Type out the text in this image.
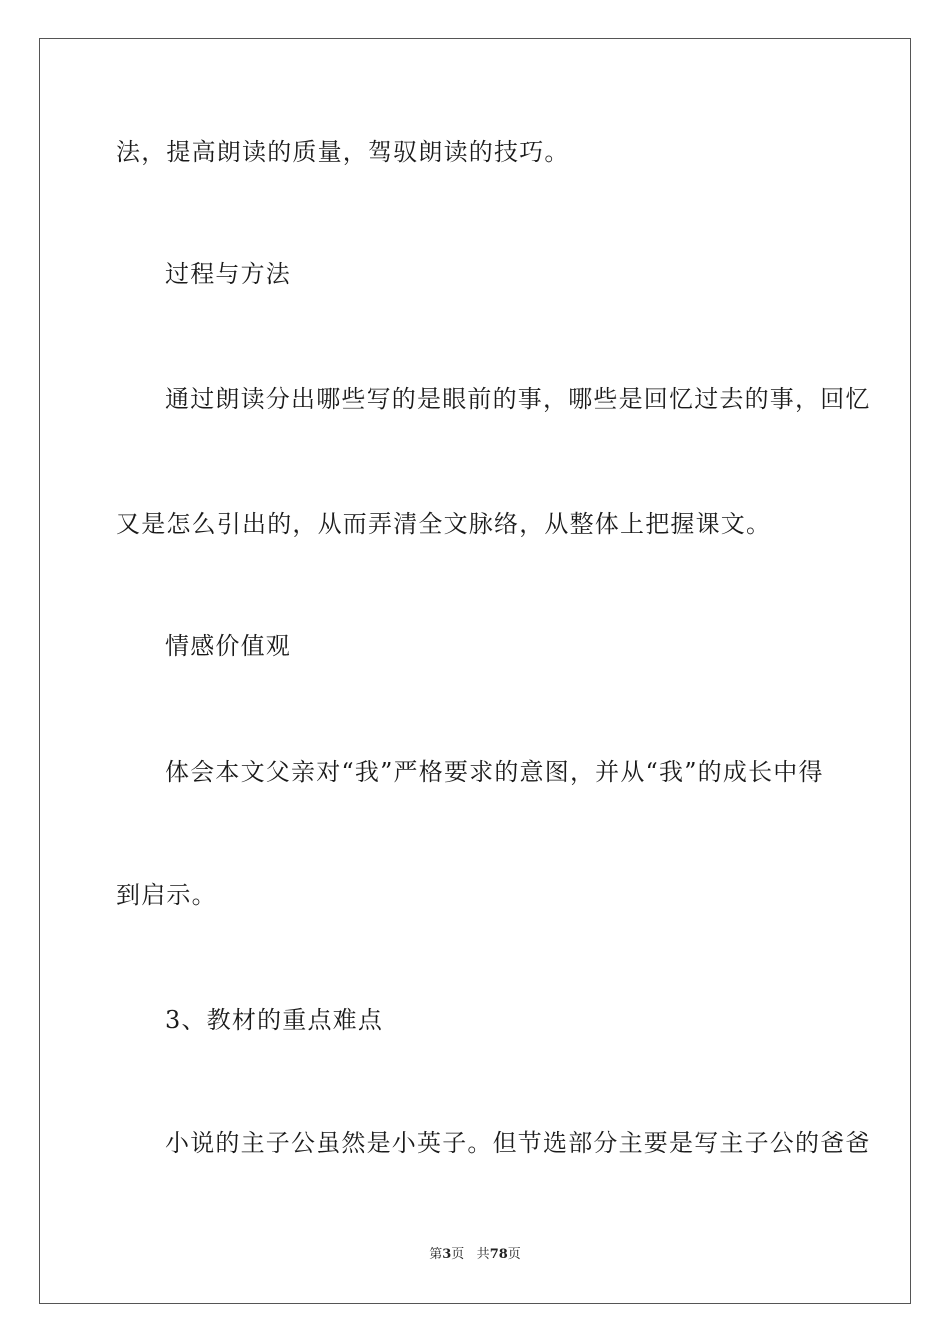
法，提高朗读的质量，驾驭朗读的技巧。
过程与方法
通过朗读分出哪些写的是眼前的事，哪些是回忆过去的事，回忆
又是怎么引出的，从而弄清全文脉络，从整体上把握课文。
情感价值观
体会本文父亲对“我”严格要求的意图，并从“我”的成长中得
到启示。
3、教材的重点难点
小说的主子公虽然是小英子。但节选部分主要是写主子公的爸爸
第3页 共78页
